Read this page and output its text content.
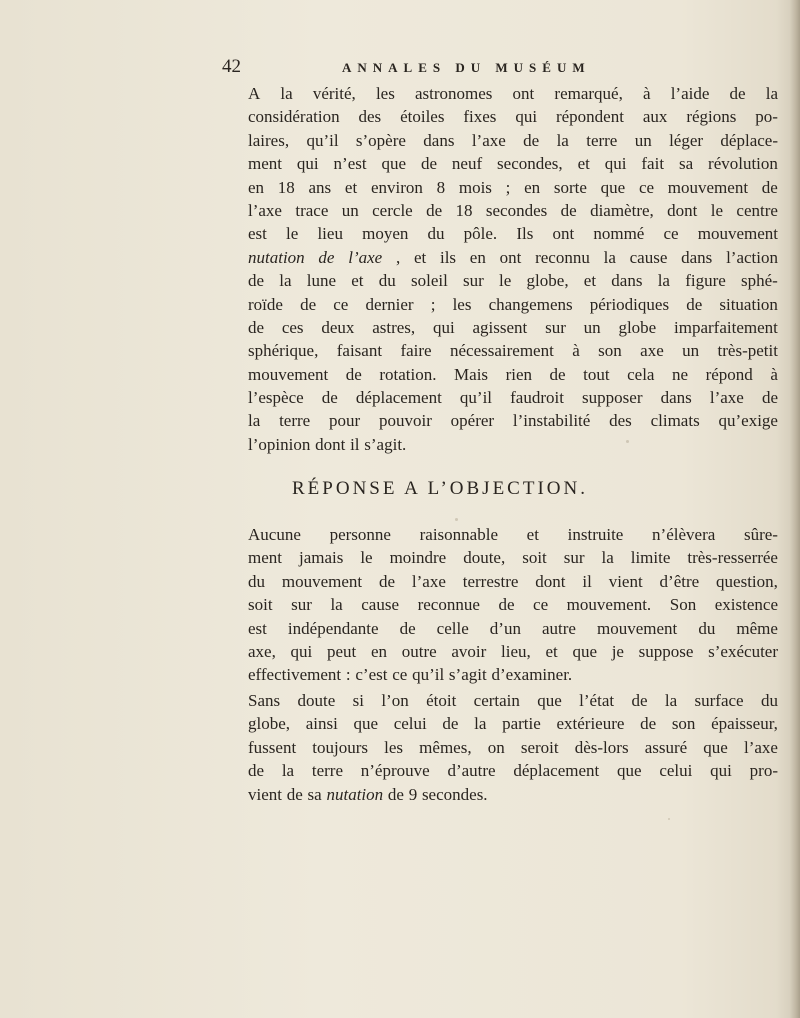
42	ANNALES DU MUSÉUM
A la vérité, les astronomes ont remarqué, à l’aide de la
considération des étoiles fixes qui répondent aux régions po-
laires, qu’il s’opère dans l’axe de la terre un léger déplace-
ment qui n’est que de neuf secondes, et qui fait sa révolution
en 18 ans et environ 8 mois ; en sorte que ce mouvement de
l’axe trace un cercle de 18 secondes de diamètre, dont le centre
est le lieu moyen du pôle. Ils ont nommé ce mouvement
nutation de l’axe , et ils en ont reconnu la cause dans l’action
de la lune et du soleil sur le globe, et dans la figure sphé-
roïde de ce dernier ; les changemens périodiques de situation
de ces deux astres, qui agissent sur un globe imparfaitement
sphérique, faisant faire nécessairement à son axe un très-petit
mouvement de rotation. Mais rien de tout cela ne répond à
l’espèce de déplacement qu’il faudroit supposer dans l’axe de
la terre pour pouvoir opérer l’instabilité des climats qu’exige
l’opinion dont il s’agit.
RÉPONSE A L’OBJECTION.
Aucune personne raisonnable et instruite n’élèvera sûre-
ment jamais le moindre doute, soit sur la limite très-resserrée
du mouvement de l’axe terrestre dont il vient d’être question,
soit sur la cause reconnue de ce mouvement. Son existence
est indépendante de celle d’un autre mouvement du même
axe, qui peut en outre avoir lieu, et que je suppose s’exécuter
effectivement : c’est ce qu’il s’agit d’examiner.
Sans doute si l’on étoit certain que l’état de la surface du
globe, ainsi que celui de la partie extérieure de son épaisseur,
fussent toujours les mêmes, on seroit dès-lors assuré que l’axe
de la terre n’éprouve d’autre déplacement que celui qui pro-
vient de sa nutation de 9 secondes.
